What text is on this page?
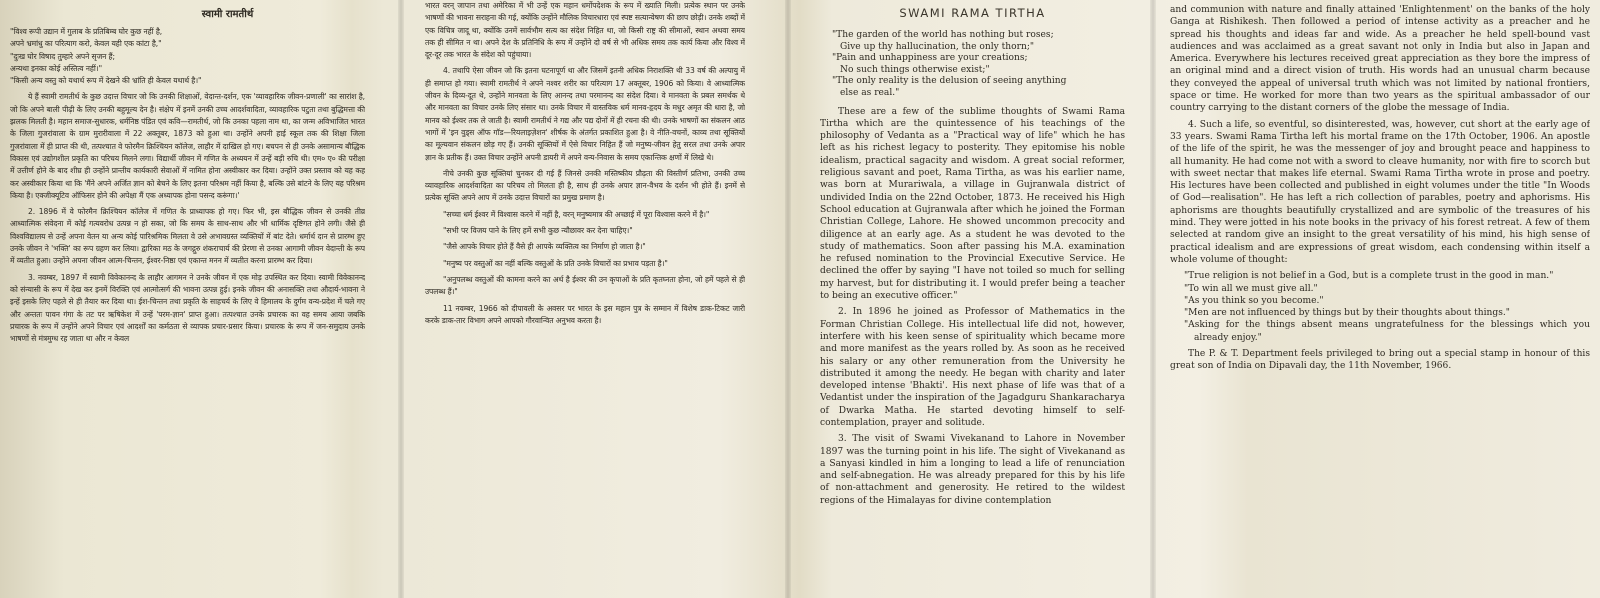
स्वामी रामतीर्थ

"विश्व रूपी उद्यान में गुलाब के प्रतिबिम्ब घोर कुछ नहीं है,

अपने भ्रमांधु का परित्याग करो, केवल यही एक कांटा है,"

"दुःख घोर विषाद तुम्हारे अपने सृजन हैं;

अन्यथा इनका कोई अस्तित्व नहीं।"

"किसी अन्य वस्तु को यथार्थ रूप में देखने की भ्रांति ही केवल यथार्थ है।"

ये हैं स्वामी रामतीर्थ के कुछ उदात्त विचार जो कि उनकी शिक्षाओं, वेदान्त-दर्शन, एक 'व्यावहारिक जीवन-प्रणाली' का सारांश है, जो कि अपने बाली पीढ़ी के लिए उनकी बहुमूल्य देन है। संक्षेप में इनमें उनकी उच्च आदर्शवादिता, व्यावहारिक पटुता तथा बुद्धिमत्ता की झलक मिलती है। महान समाज-सुधारक, धर्मनिष्ठ पंडित एवं कवि—रामतीर्थ, जो कि उनका पहला नाम था, का जन्म अविभाजित भारत के जिला गुजरांवाला के ग्राम मुरारीवाला में 22 अक्तूबर, 1873 को हुआ था। उन्होंने अपनी हाई स्कूल तक की शिक्षा जिला गुजरांवाला में ही प्राप्त की थी, तत्पश्चात वे फोरमैन क्रिश्चियन कॉलेज, लाहौर में दाखिल हो गए। बचपन से ही उनके असामान्य बौद्धिक विकास एवं उद्योगशील प्रकृति का परिचय मिलने लगा। विद्यार्थी जीवन में गणित के अध्ययन में उन्हें बड़ी रुचि थी। एम० ए० की परीक्षा में उत्तीर्ण होने के बाद शीघ्र ही उन्होंने प्रान्तीय कार्यकारी सेवाओं में नामित होना अस्वीकार कर दिया। उन्होंने उक्त प्रस्ताव को यह कह कर अस्वीकार किया था कि 'मैंने अपने अर्जित ज्ञान को बेचने के लिए इतना परिश्रम नहीं किया है, बल्कि उसे बांटने के लिए यह परिश्रम किया है। एक्जीक्यूटिव ऑफिसर होने की अपेक्षा मैं एक अध्यापक होना पसन्द करूंगा।'

2. 1896 में वे फोरमैन क्रिश्चियन कॉलेज में गणित के प्राध्यापक हो गए। फिर भी, इस बौद्धिक जीवन से उनकी तीव्र आध्यात्मिक संवेदना में कोई गत्यवरोध उत्पन्न न हो सका, जो कि समय के साथ-साथ और भी धार्मिक दृष्टिगत होने लगी। जैसे ही विश्वविद्यालय से उन्हें अपना वेतन या अन्य कोई पारिश्रमिक मिलता वे उसे अभावग्रस्त व्यक्तियों में बांट देते। धर्मार्थ दान से प्रारम्भ हुए उनके जीवन ने 'भक्ति' का रूप ग्रहण कर लिया। द्वारिका मठ के जगद्गुरु शंकराचार्य की प्रेरणा से उनका आगामी जीवन वेदान्ती के रूप में व्यतीत हुआ। उन्होंने अपना जीवन आत्म-चिन्तन, ईश्वर-निष्ठा एवं एकान्त मनन में व्यतीत करना प्रारम्भ कर दिया।

3. नवम्बर, 1897 में स्वामी विवेकानन्द के लाहौर आगमन ने उनके जीवन में एक मोड़ उपस्थित कर दिया। स्वामी विवेकानन्द को संन्यासी के रूप में देख कर इनमें विरक्ति एवं आत्मोत्सर्ग की भावना उत्पन्न हुई। इनके जीवन की अनासक्ति तथा औदार्य-भावना ने इन्हें इसके लिए पहले से ही तैयार कर दिया था। ईश-चिन्तन तथा प्रकृति के साहचर्य के लिए वे हिमालय के दुर्गम वन्य-प्रदेश में चले गए और अन्ततः पावन गंगा के तट पर ऋषिकेश में उन्हें 'परम-ज्ञान' प्राप्त हुआ। तत्पश्चात उनके प्रचारक का वह समय आया जबकि प्रचारक के रूप में उन्होंने अपने विचार एवं आदर्शों का कर्मठता से व्यापक प्रचार-प्रसार किया। प्रचारक के रूप में जन-समुदाय उनके भाषणों से मंत्रमुग्ध रह जाता था और न केवल

भारत वरन् जापान तथा अमेरिका में भी उन्हें एक महान धर्मोपदेशक के रूप में ख्याति मिली। प्रत्येक स्थान पर उनके भाषणों की भावना सराहना की गई, क्योंकि उन्होंने मौलिक विचारधारा एवं स्पष्ट सत्यान्वेषण की छाप छोड़ी। उनके शब्दों में एक विचित्र जादू था, क्योंकि उनमें सार्वभौम सत्य का संदेश निहित था, जो किसी राष्ट्र की सीमाओं, स्थान अथवा समय तक ही सीमित न था। अपने देश के प्रतिनिधि के रूप में उन्होंने दो वर्ष से भी अधिक समय तक कार्य किया और विश्व में दूर-दूर तक भारत के संदेश को पहुंचाया।

4. तथापि ऐसा जीवन जो कि इतना घटनापूर्ण था और जिसमें इतनी अधिक निराशक्ति थी 33 वर्ष की अल्पायु में ही समाप्त हो गया। स्वामी रामतीर्थ ने अपने नश्वर शरीर का परित्याग 17 अक्तूबर, 1906 को किया। वे आध्यात्मिक जीवन के दिव्य-दूत थे, उन्होंने मानवता के लिए आनन्द तथा परमानन्द का संदेश दिया। वे मानवता के प्रबल समर्थक थे और मानवता का विचार उनके लिए संसार था। उनके विचार में वास्तविक धर्म मानव-हृदय के मधुर अमृत की धारा है, जो मानव को ईश्वर तक ले जाती है। स्वामी रामतीर्थ ने गद्य और पद्य दोनों में ही रचना की थी। उनके भाषणों का संकलन आठ भागों में 'इन वुड्स ऑफ गॉड—रियलाइज़ेशन' शीर्षक के अंतर्गत प्रकाशित हुआ है। वे नीति-वचनों, काव्य तथा सूक्तियों का मूल्यवान संकलन छोड़ गए हैं। उनकी सूक्तियों में ऐसे विचार निहित हैं जो मनुष्य-जीवन हेतु सरल तथा उनके अपार ज्ञान के प्रतीक हैं। उक्त विचार उन्होंने अपनी डायरी में अपने वन्य-निवास के समय एकान्तिक क्षणों में लिखे थे।

नीचे उनकी कुछ सूक्तियां चुनकर दी गई हैं जिनसे उनकी मस्तिष्कीय प्रौढ़ता की विस्तीर्ण प्रतिभा, उनकी उच्च व्यावहारिक आदर्शवादिता का परिचय तो मिलता ही है, साथ ही उनके अपार ज्ञान-वैभव के दर्शन भी होते हैं। इनमें से प्रत्येक सूक्ति अपने आप में उनके उदात्त विचारों का प्रमुख प्रमाण है।

"सच्चा धर्म ईश्वर में विश्वास करने में नहीं है, वरन् मनुष्यमात्र की अच्छाई में पूरा विश्वास करने में है।"

"सभी पर विजय पाने के लिए हमें सभी कुछ न्यौछावर कर देना चाहिए।"

"जैसे आपके विचार होते हैं वैसे ही आपके व्यक्तित्व का निर्माण हो जाता है।"

"मनुष्य पर वस्तुओं का नहीं बल्कि वस्तुओं के प्रति उनके विचारों का प्रभाव पड़ता है।"

"अनुपलब्ध वस्तुओं की कामना करने का अर्थ है ईश्वर की उन कृपाओं के प्रति कृतघ्नता होना, जो हमें पहले से ही उपलब्ध हैं।"

11 नवम्बर, 1966 को दीपावली के अवसर पर भारत के इस महान पुत्र के सम्मान में विशेष डाक-टिकट जारी करके डाक-तार विभाग अपने आपको गौरवान्वित अनुभव करता है।

SWAMI RAMA TIRTHA

"The garden of the world has nothing but roses;

Give up thy hallucination, the only thorn;"

"Pain and unhappiness are your creations;

No such things otherwise exist;"

"The only reality is the delusion of seeing anything

else as real."

These are a few of the sublime thoughts of Swami Rama Tirtha which are the quintessence of his teachings of the philosophy of Vedanta as a "Practical way of life" which he has left as his richest legacy to posterity. They epitomise his noble idealism, practical sagacity and wisdom. A great social reformer, religious savant and poet, Rama Tirtha, as was his earlier name, was born at Murariwala, a village in Gujranwala district of undivided India on the 22nd October, 1873. He received his High School education at Gujranwala after which he joined the Forman Christian College, Lahore. He showed uncommon precocity and diligence at an early age. As a student he was devoted to the study of mathematics. Soon after passing his M.A. examination he refused nomination to the Provincial Executive Service. He declined the offer by saying "I have not toiled so much for selling my harvest, but for distributing it. I would prefer being a teacher to being an executive officer."

2. In 1896 he joined as Professor of Mathematics in the Forman Christian College. His intellectual life did not, however, interfere with his keen sense of spirituality which became more and more manifest as the years rolled by. As soon as he received his salary or any other remuneration from the University he distributed it among the needy. He began with charity and later developed intense 'Bhakti'. His next phase of life was that of a Vedantist under the inspiration of the Jagadguru Shankaracharya of Dwarka Matha. He started devoting himself to self-contemplation, prayer and solitude.

3. The visit of Swami Vivekanand to Lahore in November 1897 was the turning point in his life. The sight of Vivekanand as a Sanyasi kindled in him a longing to lead a life of renunciation and self-abnegation. He was already prepared for this by his life of non-attachment and generosity. He retired to the wildest regions of the Himalayas for divine contemplation

and communion with nature and finally attained 'Enlightenment' on the banks of the holy Ganga at Rishikesh. Then followed a period of intense activity as a preacher and he spread his thoughts and ideas far and wide. As a preacher he held spell-bound vast audiences and was acclaimed as a great savant not only in India but also in Japan and America. Everywhere his lectures received great appreciation as they bore the impress of an original mind and a direct vision of truth. His words had an unusual charm because they conveyed the appeal of universal truth which was not limited by national frontiers, space or time. He worked for more than two years as the spiritual ambassador of our country carrying to the distant corners of the globe the message of India.

4. Such a life, so eventful, so disinterested, was, however, cut short at the early age of 33 years. Swami Rama Tirtha left his mortal frame on the 17th October, 1906. An apostle of the life of the spirit, he was the messenger of joy and brought peace and happiness to all humanity. He had come not with a sword to cleave humanity, nor with fire to scorch but with sweet nectar that makes life eternal. Swami Rama Tirtha wrote in prose and poetry. His lectures have been collected and published in eight volumes under the title "In Woods of God—realisation". He has left a rich collection of parables, poetry and aphorisms. His aphorisms are thoughts beautifully crystallized and are symbolic of the treasures of his mind. They were jotted in his note books in the privacy of his forest retreat. A few of them selected at random give an insight to the great versatility of his mind, his high sense of practical idealism and are expressions of great wisdom, each condensing within itself a whole volume of thought:

"True religion is not belief in a God, but is a complete trust in the good in man."

"To win all we must give all."

"As you think so you become."

"Men are not influenced by things but by their thoughts about things."

"Asking for the things absent means ungratefulness for the blessings which you already enjoy."

The P. & T. Department feels privileged to bring out a special stamp in honour of this great son of India on Dipavali day, the 11th November, 1966.
